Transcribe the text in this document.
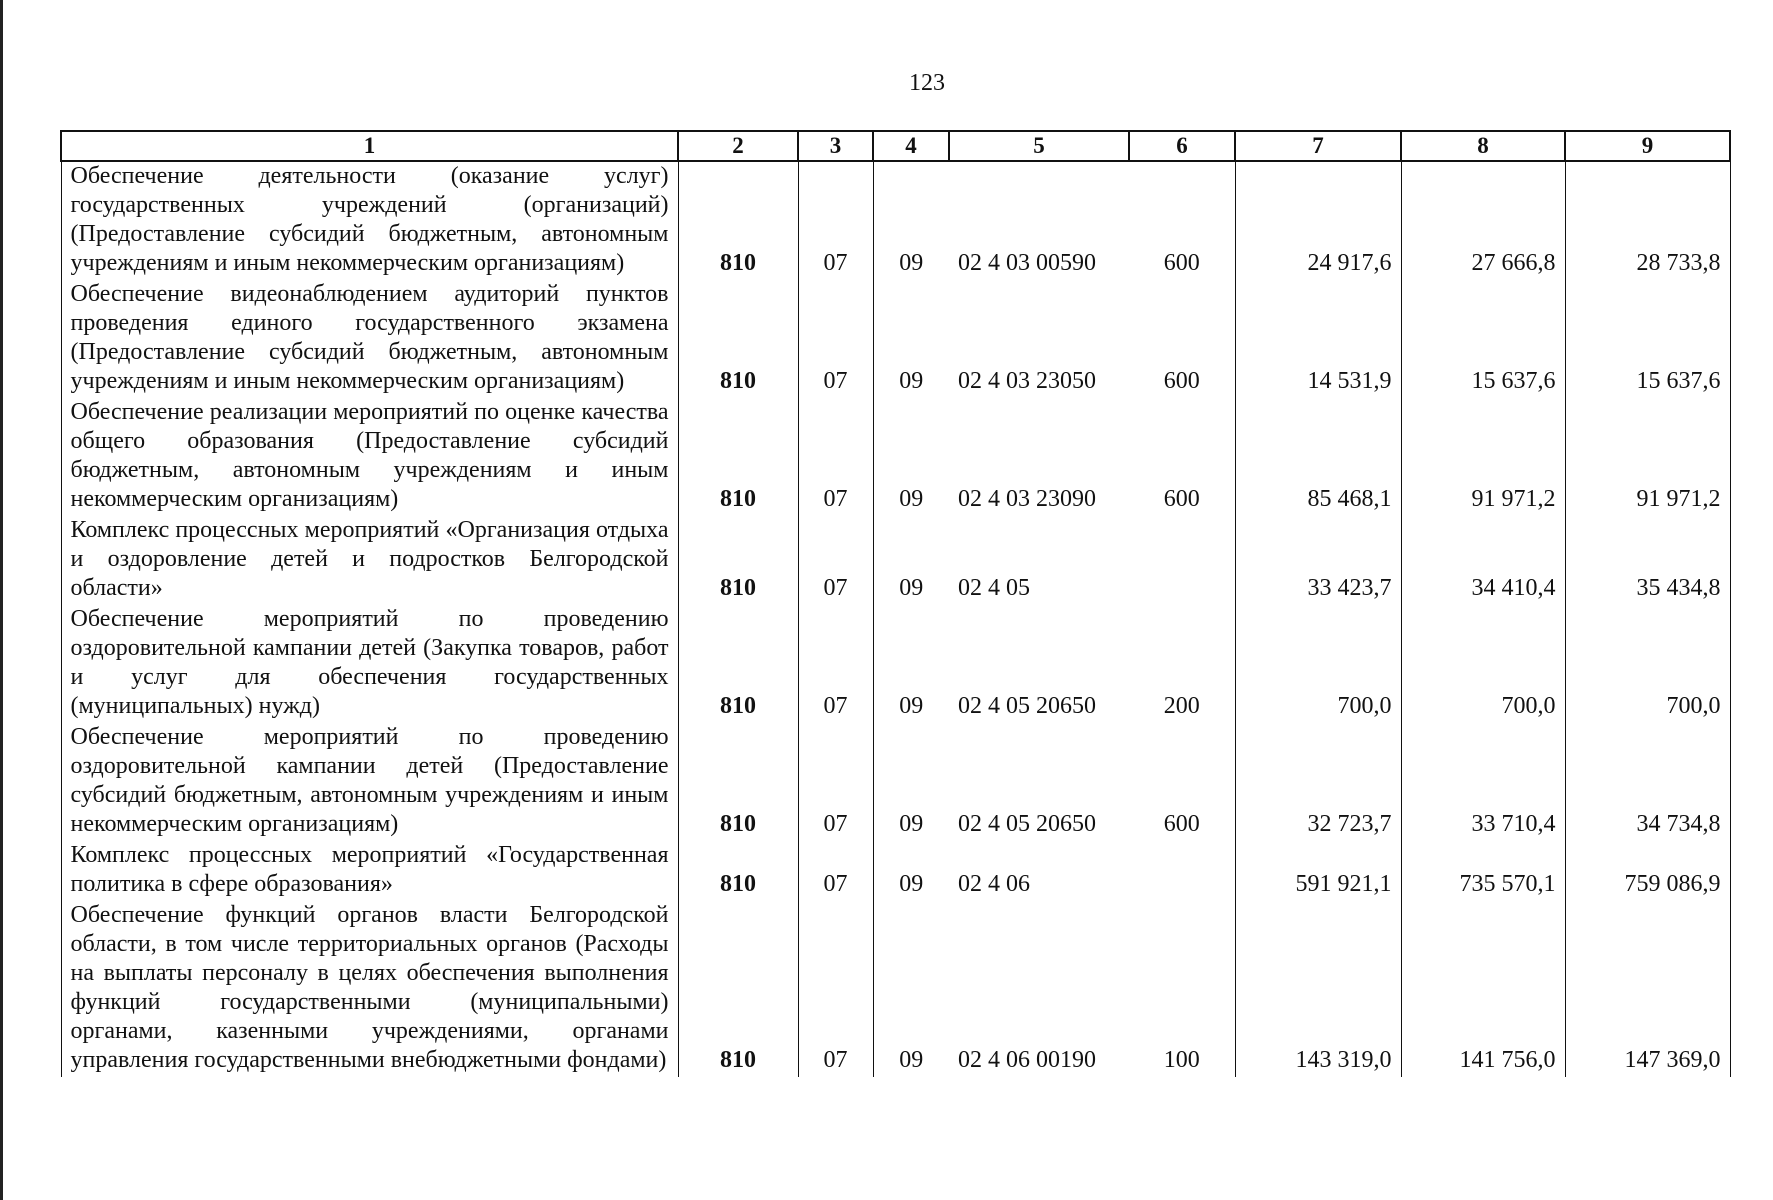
123
1	2	3	4	5	6	7	8	9
Обеспечение деятельности (оказание услуг) государственных учреждений (организаций) (Предоставление субсидий бюджетным, автономным учреждениям и иным некоммерческим организациям)	810	07	09	02 4 03 00590	600	24 917,6	27 666,8	28 733,8
Обеспечение видеонаблюдением аудиторий пунктов проведения единого государственного экзамена (Предоставление субсидий бюджетным, автономным учреждениям и иным некоммерческим организациям)	810	07	09	02 4 03 23050	600	14 531,9	15 637,6	15 637,6
Обеспечение реализации мероприятий по оценке качества общего образования (Предоставление субсидий бюджетным, автономным учреждениям и иным некоммерческим организациям)	810	07	09	02 4 03 23090	600	85 468,1	91 971,2	91 971,2
Комплекс процессных мероприятий «Организация отдыха и оздоровление детей и подростков Белгородской области»	810	07	09	02 4 05		33 423,7	34 410,4	35 434,8
Обеспечение мероприятий по проведению оздоровительной кампании детей (Закупка товаров, работ и услуг для обеспечения государственных (муниципальных) нужд)	810	07	09	02 4 05 20650	200	700,0	700,0	700,0
Обеспечение мероприятий по проведению оздоровительной кампании детей (Предоставление субсидий бюджетным, автономным учреждениям и иным некоммерческим организациям)	810	07	09	02 4 05 20650	600	32 723,7	33 710,4	34 734,8
Комплекс процессных мероприятий «Государственная политика в сфере образования»	810	07	09	02 4 06		591 921,1	735 570,1	759 086,9
Обеспечение функций органов власти Белгородской области, в том числе территориальных органов (Расходы на выплаты персоналу в целях обеспечения выполнения функций государственными (муниципальными) органами, казенными учреждениями, органами управления государственными внебюджетными фондами)	810	07	09	02 4 06 00190	100	143 319,0	141 756,0	147 369,0
